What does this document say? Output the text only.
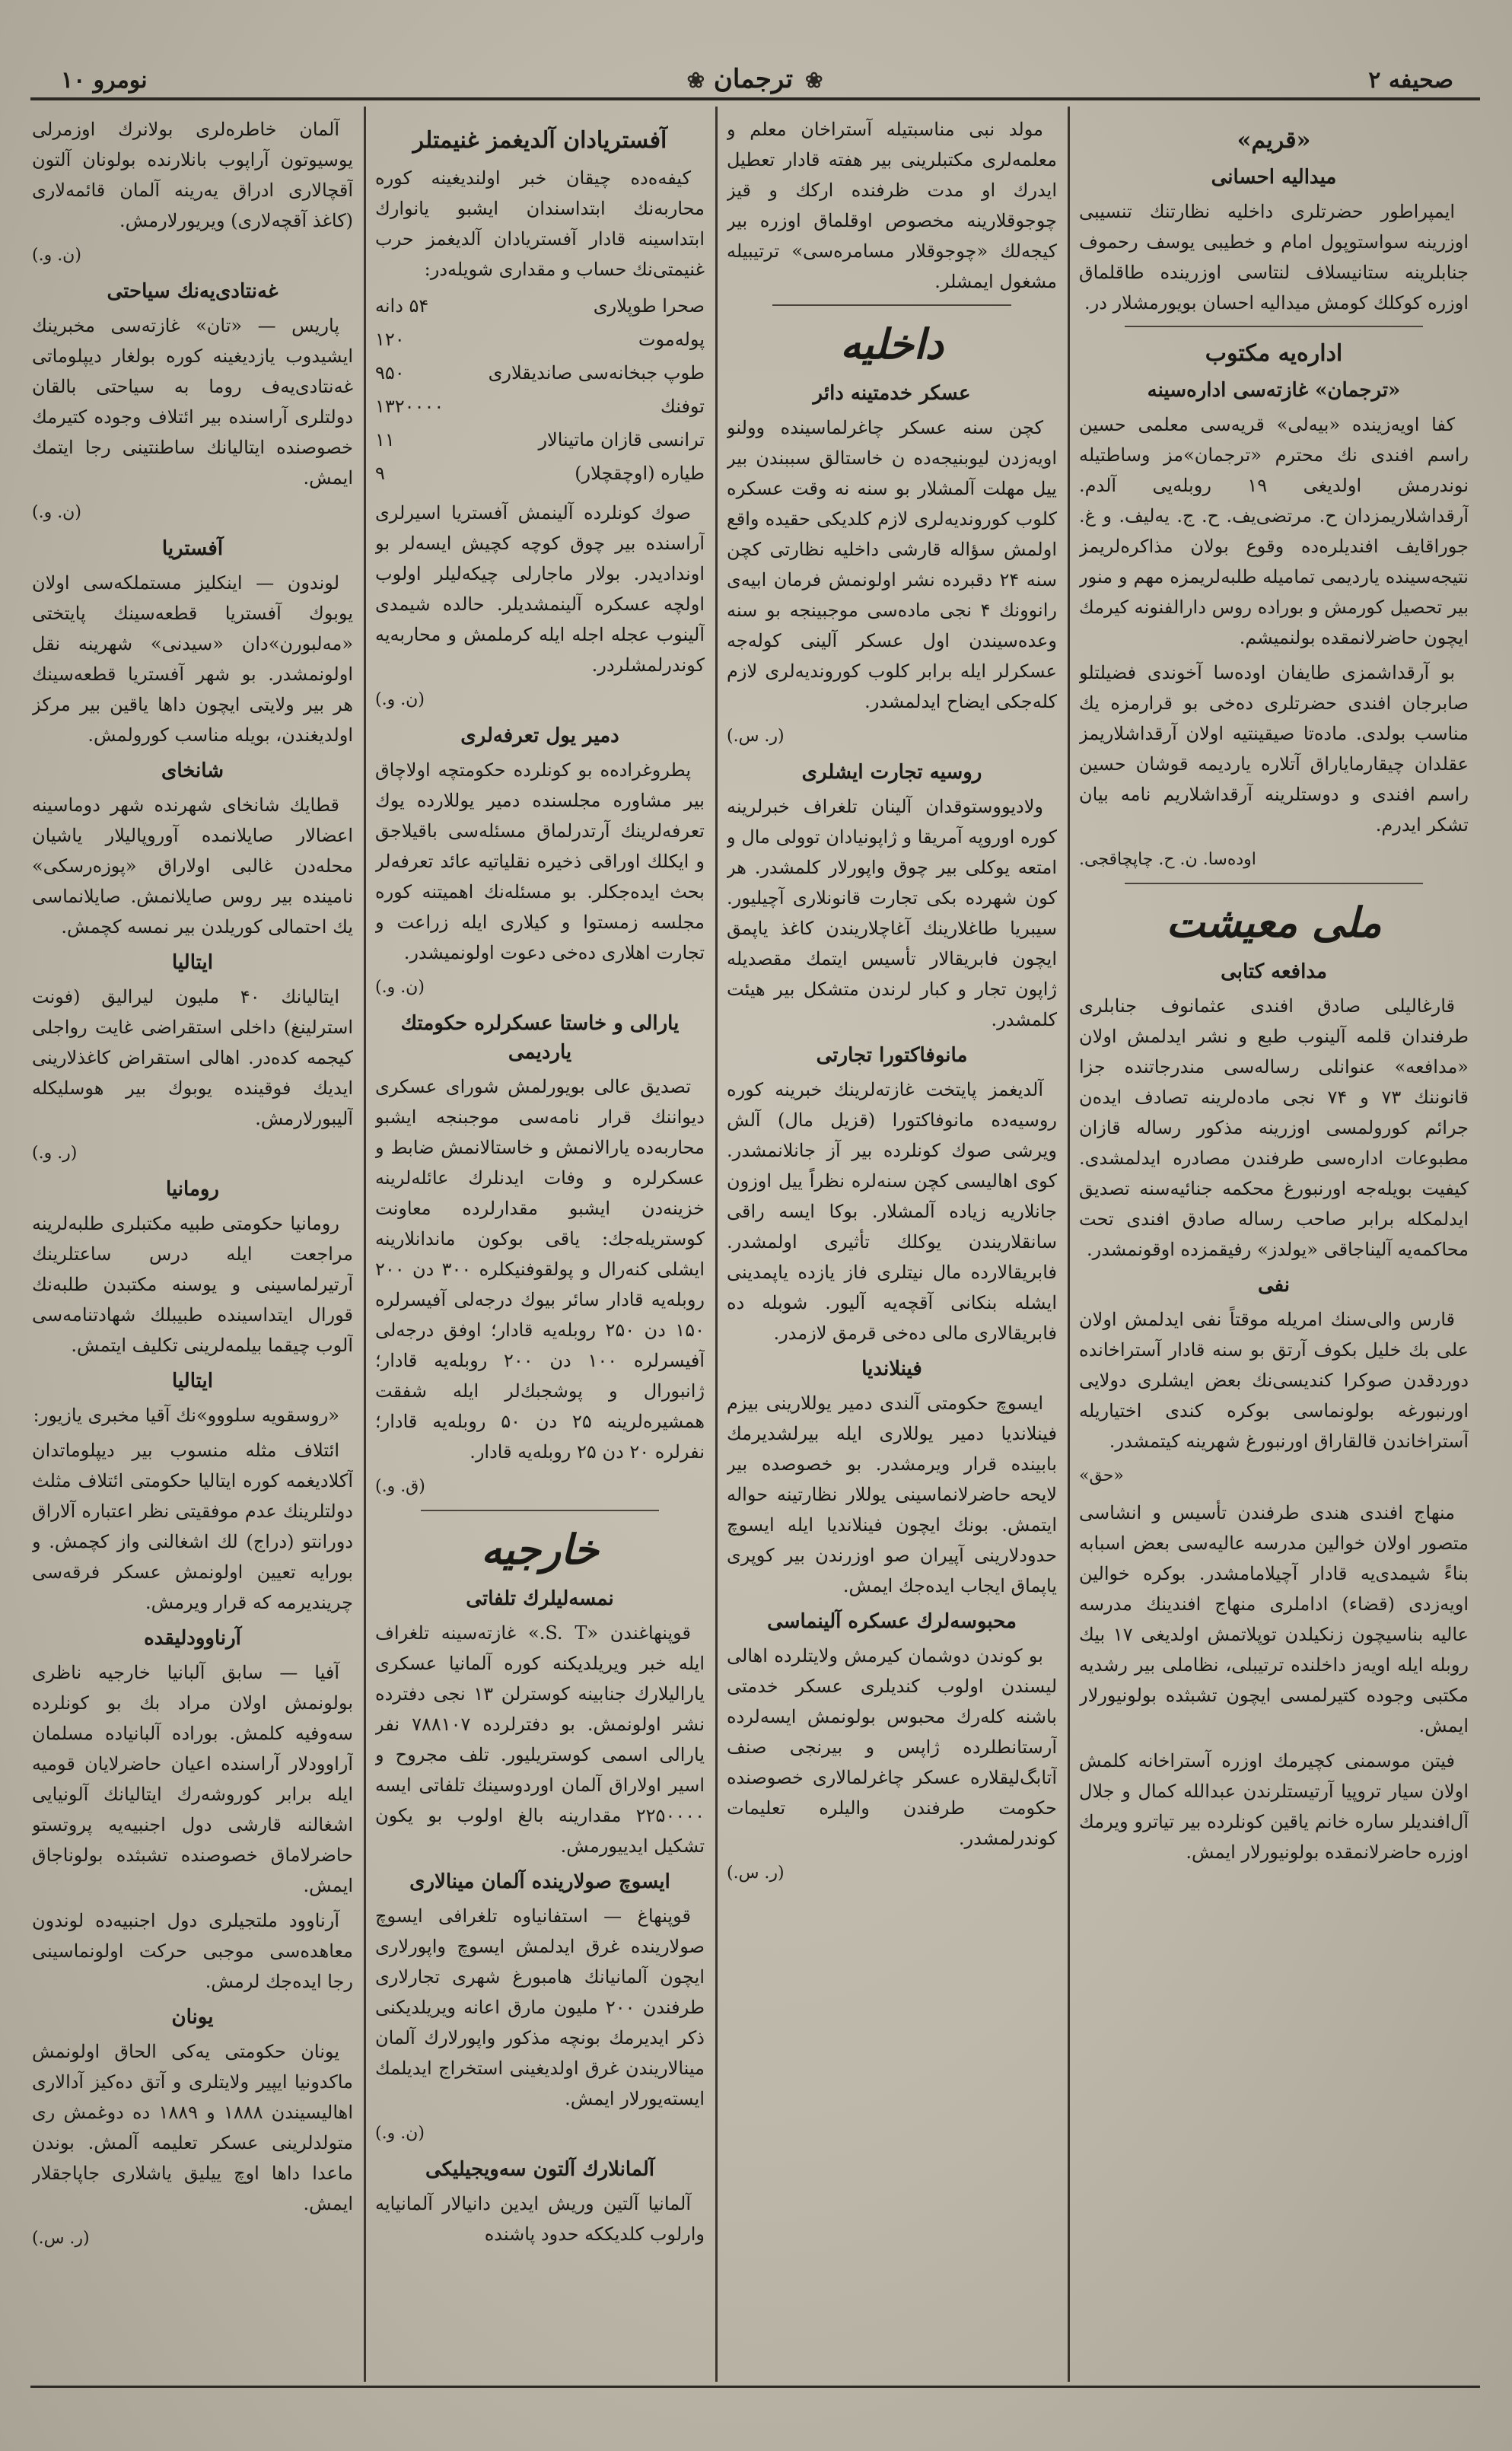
صحیفه ۲
❀ ترجمان ❀
نومرو ۱۰
«قریم»
میدالیه احسانی

ایمپراطور حضرتلری داخلیه نظارتنك تنسیبی اوزرینه سواستوپول امام و خطیبی یوسف رحموف جنابلرینه ستانیسلاف لنتاسی اوزرینده طاقلماق اوزره كوكلك كومش میدالیه احسان بویورمشلار در.

اداره‌یه مکتوب
«ترجمان» غازته‌سی اداره‌سینه

كفا اویه‌زینده «بیه‌لی» قریه‌سی معلمی حسین راسم افندی نك محترم «ترجمان»مز وساطتیله نوندرمش اولدیغی ۱۹ روبله‌یی آلدم. آرقداشلاریمزدان ح. مرتضی‌یف. ح. ج. یه‌لیف. و غ. جوراقایف افندیلره‌ده وقوع بولان مذاكره‌لریمز نتیجه‌سینده یاردیمی تمامیله طلبه‌لریمزه مهم و منور بیر تحصیل كورمش و بوراده روس دارالفنونه كیرمك ایچون حاضرلانمقده بولنمیشم.

بو آرقداشمزی طایفان اوده‌سا آخوندی فضیلتلو صابرجان افندی حضرتلری ده‌خی بو قرارمزه یك مناسب بولدی. ماده‌تا صیقینتیه اولان آرقداشلاریمز عقلدان چیقارمایاراق آتلاره یاردیمه قوشان حسین راسم افندی و دوستلرینه آرقداشلاریم نامه بیان تشكر ایدرم.

اوده‌سا. ن. ح. چاپچاقجی.
ملی معیشت
مدافعه كتابی

قارغالیلی صادق افندی عثمانوف جنابلری طرفندان قلمه آلینوب طبع و نشر ایدلمش اولان «مدافعه» عنوانلی رساله‌سی مندرجاتنده جزا قانوننك ۷۳ و ۷۴ نجی ماده‌لرینه تصادف ایده‌ن جرائم كورولمسی اوزرینه مذكور رساله قازان مطبوعات اداره‌سی طرفندن مصادره ایدلمشدی. كیفیت بویله‌جه اورنبورغ محكمه جنائیه‌سنه تصدیق ایدلمكله برابر صاحب رساله صادق افندی تحت محاكمه‌یه آلیناجاقی «یولدز» رفیقمزده اوقونمشدر.

نفی

قارس والی‌سنك امریله موقتاً نفی ایدلمش اولان علی بك خلیل بكوف آرتق بو سنه قادار آستراخانده دوردقدن صوكرا كندیسی‌نك بعض ایشلری دولایی اورنبورغه بولونماسی بوكره كندی اختیاریله آستراخاندن قالقاراق اورنبورغ شهرینه كیتمشدر.

«حق»

منهاج افندی هندی طرفندن تأسیس و انشاسی متصور اولان خوالین مدرسه عالیه‌سی بعض اسبابه بناءً شیمدی‌یه قادار آچیلامامشدر. بوكره خوالین اویه‌زدی (قضاء) اداملری منهاج افندینك مدرسه عالیه بناسیچون زنكیلدن توپلاتمش اولدیغی ۱۷ بیك روبله ایله اویه‌ز داخلنده ترتیبلی، نظاملی بیر رشدیه مكتبی وجوده كتیرلمسی ایچون تشبثده بولونیورلار ایمش.

فیتن موسمنی كچیرمك اوزره آستراخانه كلمش اولان سیار تروپیا آرتیستلرندن عبدالله كمال و جلال آل‌افندیلر ساره خانم یاقین كونلرده بیر تیاترو ویرمك اوزره حاضرلانمقده بولونیورلار ایمش.

مولد نبی مناسبتیله آستراخان معلم و معلمه‌لری مكتبلرینی بیر هفته قادار تعطیل ایدرك او مدت ظرفنده ارکك و قیز چوجوقلارینه مخصوص اوقلماق اوزره بیر كیجه‌لك «چوجوقلار مسامره‌سی» ترتیبیله مشغول ایمشلر.

داخلیه
عسكر خدمتینه دائر

كچن سنه عسكر چاغرلماسینده وولنو اویه‌زدن لیوبنیجه‌ده ن خاستالق سببندن بیر ییل مهلت آلمشلار بو سنه نه وقت عسكره كلوب كوروندیه‌لری لازم كلدیكی حقیده واقع اولمش سؤاله قارشی داخلیه نظارتی كچن سنه ۲۴ دقبرده نشر اولونمش فرمان ابیه‌ی رانوونك ۴ نجی ماده‌سی موجبینجه بو سنه وعده‌سیندن اول عسكر آلینی كوله‌جه عسكرلر ایله برابر كلوب كوروندیه‌لری لازم كله‌جكی ایضاح ایدلمشدر.

(ر. س.)
روسیه تجارت ایشلری

ولادیووستوقدان آلینان تلغراف خبرلرینه كوره اوروپه آمریقا و ژاپونیادان توولی مال و امتعه یوكلی بیر چوق واپورلار كلمشدر. هر كون شهرده بكی تجارت قانونلاری آچیلیور. سیبریا طاغلارینك آغاچلاریندن كاغذ یاپمق ایچون فابریقالار تأسیس ایتمك مقصدیله ژاپون تجار و كبار لرندن متشكل بیر هیئت كلمشدر.

مانوفاكتورا تجارتی

آلدیغمز پایتخت غازته‌لرینك خبرینه كوره روسیه‌ده مانوفاكتورا (قزیل مال) آلش ویرشی صوك كونلرده بیر آز جانلانمشدر. كوی اهالیسی كچن سنه‌لره نظراً ییل اوزون جانلاریه زیاده آلمشلار. بوكا ایسه راقی سانقلاریندن یوكلك تأثیری اولمشدر. فابریقالارده مال نیتلری فاز یازده یاپمدینی ایشله بنكانی آقچه‌یه آلیور. شوبله ده فابریقالاری مالی ده‌خی قرمق لازمدر.

فینلاندیا

ایسوچ حكومتی آلندی دمیر یوللارینی بیزم فینلاندیا دمیر یوللاری ایله بیرلشدیرمك بابینده قرار ویرمشدر. بو خصوصده بیر لایحه حاضرلانماسینی یوللار نظارتینه حواله ایتمش. بونك ایچون فینلاندیا ایله ایسوچ حدودلارینی آپیران صو اوزرندن بیر كوپری یاپماق ایجاب ایده‌جك ایمش.

محبوسه‌لرك عسكره آلینماسی

بو كوندن دوشمان كیرمش ولایتلرده اهالی لیسندن اولوب كندیلری عسكر خدمتی باشنه كله‌رك محبوس بولونمش ایسه‌لرده آرستانطلرده ژاپس و بیرنجی صنف آتابگ‌لیقلاره عسكر چاغرلمالاری خصوصنده حكومت طرفندن والیلره تعلیمات كوندرلمشدر.

(ر. س.)
آفستریادان آلدیغمز غنیمتلر

كیفه‌ه‌ده چیقان خبر اولندیغینه كوره محاربه‌نك ابتداسندان ایشبو یانوارك ابتداسینه قادار آفستریادان آلدیغمز حرب غنیمتی‌نك حساب و مقداری شویله‌در:

صحرا طوپلاری
۵۴ دانه
پوله‌موت
۱۲۰
طوپ جبخانه‌سی صاندیقلاری
۹۵۰
توفنك
۱۳۲۰۰۰۰
ترانسی قازان ماتینالار
۱۱
طیاره (اوچقچلار)
۹

صوك كونلرده آلینمش آفستریا اسیرلری آراسنده بیر چوق كوچه كچیش ایسه‌لر بو اوندادیدر. بولار ماجارلی چیكه‌لیلر اولوب اولچه عسكره آلینمشدیلر. حالده شیمدی آلینوب عجله اجله ایله كرملمش و محاربه‌یه كوندرلمشلردر.

(ن. و.)
دمیر یول تعرفه‌لری

پطروغراده‌ه بو كونلرده حكومتچه اولاچاق بیر مشاوره مجلسنده دمیر یوللارده یوك تعرفه‌لرینك آرتدرلماق مسئله‌سی باقیلاجق و ایكلك اوراقی ذخیره نقلیاتیه عائد تعرفه‌لر بحث ایده‌جكلر. بو مسئله‌نك اهمیتنه كوره مجلسه زمستوا و كیلاری ایله زراعت و تجارت اهلاری ده‌خی دعوت اولونمیشدر.

(ن. و.)
یارالی و خاستا عسكرلره حكومتك یاردیمی

تصدیق عالی بویورلمش شورای عسكری دیواننك قرار نامه‌سی موجبنجه ایشبو محاربه‌ده یارالانمش و خاستالانمش ضابط و عسكرلره و وفات ایدنلرك عائله‌لرینه خزینه‌دن ایشبو مقدارلرده معاونت كوستریله‌جك: یاقی بوكون ماندانلارینه ایشلی كنه‌رال و پولقوفنیكلره ۳۰۰ دن ۲۰۰ روبله‌یه قادار سائر بیوك درجه‌لی آفیسرلره ۱۵۰ دن ۲۵۰ روبله‌یه قادار؛ اوفق درجه‌لی آفیسرلره ۱۰۰ دن ۲۰۰ روبله‌یه قادار؛ ژانبورال و پوشجبك‌لر ایله شفقت همشیره‌لرینه ۲۵ دن ۵۰ روبله‌یه قادار؛ نفرلره ۲۰ دن ۲۵ روبله‌یه قادار.

(ق. و.)
خارجیه
نمسه‌لیلرك تلفاتی

قوپنهاغندن «S. T.» غازته‌سینه تلغراف ایله خبر ویریلدیكنه كوره آلمانیا عسكری یارالیلارك جنابینه كوسترلن ۱۳ نجی دفترده نشر اولونمش. بو دفترلرده ۷۸۸۱۰۷ نفر یارالی اسمی كوستریلیور. تلف مجروح و اسیر اولاراق آلمان اوردوسینك تلفاتی ایسه ۲۲۵۰۰۰۰ مقدارینه بالغ اولوب بو یكون تشكیل ایدییورمش.

ایسوچ صولارینده آلمان مینالاری

قوپنهاغ — استفانیاوه تلغرافی ایسوچ صولارینده غرق ایدلمش ایسوچ واپورلاری ایچون آلمانیانك هامبورغ شهری تجارلاری طرفندن ۲۰۰ ملیون مارق اعانه ویریلدیكنی ذكر ایدیرمك بونچه مذكور واپورلارك آلمان مینالاریندن غرق اولدیغینی استخراج ایدیلمك ایسته‌یورلار ایمش.

(ن. و.)
آلمانلارك آلتون سه‌ویجیلیكی

آلمانیا آلتین وریش ایدین دانیالار آلمانیایه وارلوب كلدیككه حدود پاشنده

آلمان خاطره‌لری بولانرك اوزمرلی یوسیوتون آراپوب بانلارنده بولونان آلتون آقچالاری ادراق یه‌رینه آلمان قائمه‌لاری (كاغذ آقچه‌لاری) ویریورلارمش.

(ن. و.)
غه‌نتادی‌یه‌نك سیاحتی

پاریس — «تان» غازته‌سی مخبرینك ایشیدوب یازدیغینه كوره بولغار دیپلوماتی غه‌نتادی‌یه‌ف روما به سیاحتی بالقان دولتلری آراسنده بیر ائتلاف وجوده كتیرمك خصوصنده ایتالیانك ساطنتینی رجا ایتمك ایمش.

(ن. و.)
آفستریا

لوندون — اینكلیز مستملكه‌سی اولان یوبوك آفستریا قطعه‌سینك پایتختی «مه‌لبورن»دان «سیدنی» شهرینه نقل اولونمشدر. بو شهر آفستریا قطعه‌سینك هر بیر ولایتی ایچون داها یاقین بیر مركز اولدیغندن، بویله مناسب كورولمش.

شانخای

قطایك شانخای شهرنده شهر دوماسینه اعضالار صایلانمده آوروپالیلار یاشیان محله‌دن غالبی اولاراق «پوزه‌رسكی» نامینده بیر روس صایلانمش. صایلانماسی یك احتمالی كوریلدن بیر نمسه كچمش.

ایتالیا

ایتالیانك ۴۰ ملیون لیرالیق (فونت استرلینغ) داخلی استقراضی غایت رواجلی كیجمه كده‌در. اهالی استقراض كاغذلارینی ایدیك فوقینده یوبوك بیر هوسلیكله آلیبورلارمش.

(ر. و.)
رومانیا

رومانیا حكومتی طبیه مكتبلری طلبه‌لرینه مراجعت ایله درس ساعتلرینك آرتیرلماسینی و یوسنه مكتبدن طلبه‌نك قورال ایتداسینده طبیبلك شهادتنامه‌سی آلوب چیقما بیلمه‌لرینی تكلیف ایتمش.

ایتالیا

«روسقویه سلووو»نك آقیا مخبری یازیور:

ائتلاف مثله منسوب بیر دیپلوماتدان آكلادیغمه كوره ایتالیا حكومتی ائتلاف مثلث دولتلرینك عدم موفقیتی نظر اعتباره آلاراق دورانتو (دراج) لك اشغالنی واز كچمش. و بورایه تعیین اولونمش عسكر فرقه‌سی چریندیرمه كه قرار ویرمش.

آرناوودلیقده

آفیا — سابق آلبانیا خارجیه ناظری بولونمش اولان مراد بك بو كونلرده سه‌وفیه كلمش. بوراده آلبانیاده مسلمان آراوودلار آراسنده اعیان حاضرلایان قومیه ایله برابر كوروشه‌رك ایتالیانك آلونیایی اشغالنه قارشی دول اجنبیه‌یه پروتستو حاضرلاماق خصوصنده تشبثده بولوناجاق ایمش.

آرناوود ملتجیلری دول اجنبیه‌ده لوندون معاهده‌سی موجبی حركت اولونماسینی رجا ایده‌جك لرمش.

یونان

یونان حكومتی یه‌كی الحاق اولونمش ماكدونیا ایپیر ولایتلری و آتق ده‌كیز آدالاری اهالیسیندن ۱۸۸۸ و ۱۸۸۹ ده دوغمش ری متولدلرینی عسكر تعلیمه آلمش. بوندن ماعدا داها اوچ ییلیق یاشلاری جاپاجقلار ایمش.

(ر. س.)
